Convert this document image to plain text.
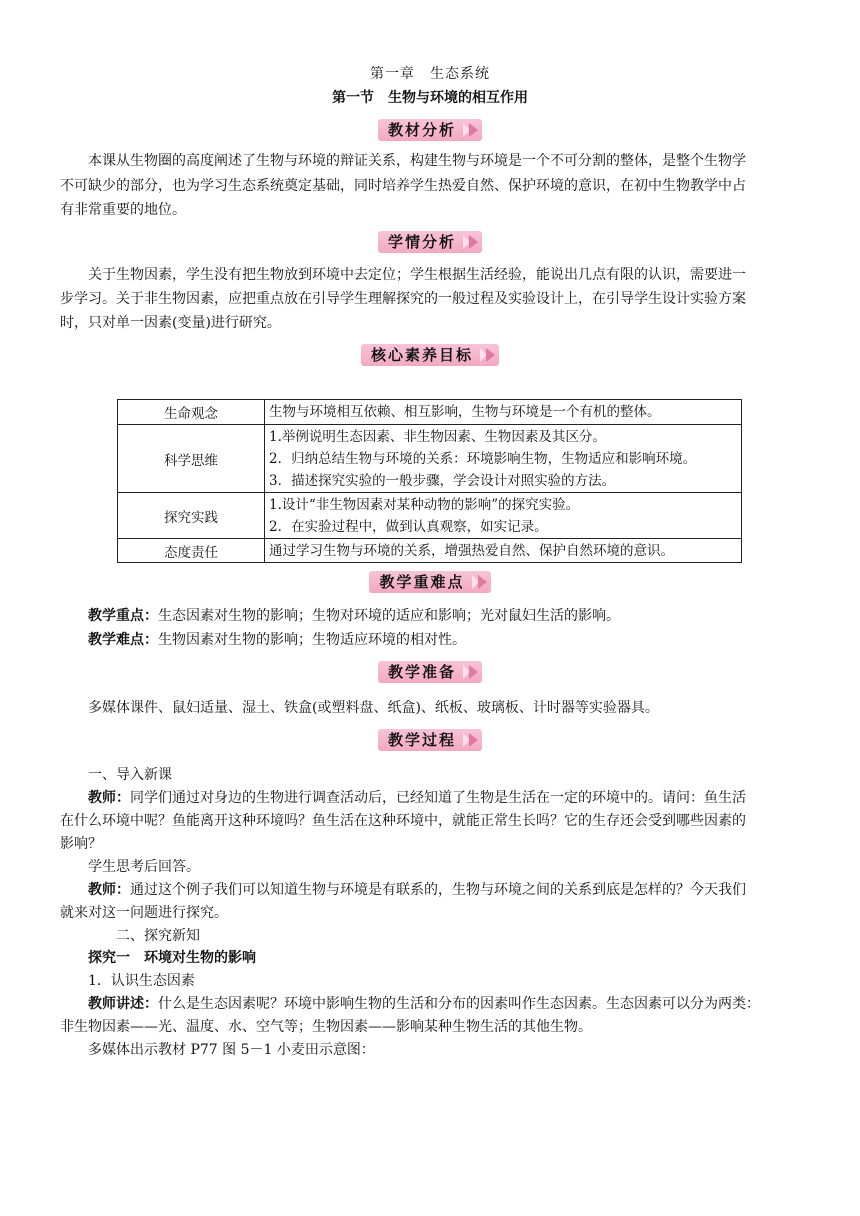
第一章　生态系统
第一节　生物与环境的相互作用
教材分析
本课从生物圈的高度阐述了生物与环境的辩证关系，构建生物与环境是一个不可分割的整体，是整个生物学
不可缺少的部分，也为学习生态系统奠定基础，同时培养学生热爱自然、保护环境的意识，在初中生物教学中占
有非常重要的地位。
学情分析
关于生物因素，学生没有把生物放到环境中去定位；学生根据生活经验，能说出几点有限的认识，需要进一
步学习。关于非生物因素，应把重点放在引导学生理解探究的一般过程及实验设计上，在引导学生设计实验方案
时，只对单一因素(变量)进行研究。
核心素养目标
生命观念	生物与环境相互依赖、相互影响，生物与环境是一个有机的整体。

科学思维	1.举例说明生态因素、非生物因素、生物因素及其区分。
2．归纳总结生物与环境的关系：环境影响生物，生物适应和影响环境。
3．描述探究实验的一般步骤，学会设计对照实验的方法。

探究实践	1.设计“非生物因素对某种动物的影响”的探究实验。
2．在实验过程中，做到认真观察，如实记录。

态度责任	通过学习生物与环境的关系，增强热爱自然、保护自然环境的意识。
教学重难点
教学重点：生态因素对生物的影响；生物对环境的适应和影响；光对鼠妇生活的影响。
教学难点：生物因素对生物的影响；生物适应环境的相对性。
教学准备
多媒体课件、鼠妇适量、湿土、铁盒(或塑料盘、纸盒)、纸板、玻璃板、计时器等实验器具。
教学过程
一、导入新课
教师：同学们通过对身边的生物进行调查活动后，已经知道了生物是生活在一定的环境中的。请问：鱼生活
在什么环境中呢？鱼能离开这种环境吗？鱼生活在这种环境中，就能正常生长吗？它的生存还会受到哪些因素的
影响？
学生思考后回答。
教师：通过这个例子我们可以知道生物与环境是有联系的，生物与环境之间的关系到底是怎样的？今天我们
就来对这一问题进行探究。
二、探究新知
探究一　环境对生物的影响
1．认识生态因素
教师讲述：什么是生态因素呢？环境中影响生物的生活和分布的因素叫作生态因素。生态因素可以分为两类：
非生物因素——光、温度、水、空气等；生物因素——影响某种生物生活的其他生物。
多媒体出示教材 P77 图 5－1 小麦田示意图：
